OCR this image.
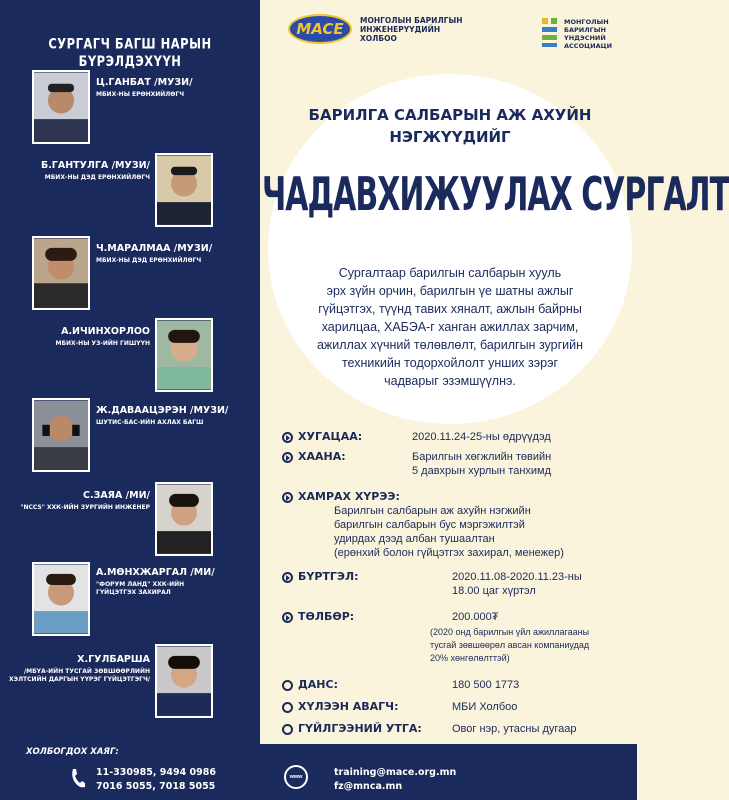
СУРГАГЧ БАГШ НАРЫН БҮРЭЛДЭХҮҮН
Ц.ГАНБАТ /МУЗИ/
МБИХ-НЫ ЕРӨНХИЙЛӨГЧ
Б.ГАНТУЛГА /МУЗИ/
МБИХ-НЫ ДЭД ЕРӨНХИЙЛӨГЧ
Ч.МАРАЛМАА /МУЗИ/
МБИХ-НЫ ДЭД ЕРӨНХИЙЛӨГЧ
А.ИЧИНХОРЛОО
МБИХ-НЫ УЗ-ИЙН ГИШҮҮН
Ж.ДАВААЦЭРЭН /МУЗИ/
ШУТИС-БАС-ИЙН АХЛАХ БАГШ
С.ЗАЯА /МИ/
"NCCS" ХХК-ИЙН ЗУРГИЙН ИНЖЕНЕР
А.МӨНХЖАРГАЛ /МИ/
"ФОРУМ ЛАНД" ХХК-ИЙН
ГҮЙЦЭТГЭХ ЗАХИРАЛ
Х.ГУЛБАРША
/МБҮА-ИЙН ТУСГАЙ ЗӨВШӨӨРЛИЙН
ХЭЛТСИЙН ДАРГЫН ҮҮРЭГ ГҮЙЦЭТГЭГЧ/
MACE	МОНГОЛЫН БАРИЛГЫН
ИНЖЕНЕРҮҮДИЙН
ХОЛБОО
МОНГОЛЫН
БАРИЛГЫН
ҮНДЭСНИЙ
АССОЦИАЦИ
БАРИЛГА САЛБАРЫН АЖ АХУЙН
НЭГЖҮҮДИЙГ
ЧАДАВХИЖУУЛАХ СУРГАЛТ
Сургалтаар барилгын салбарын хууль
эрх зүйн орчин, барилгын үе шатны ажлыг
гүйцэтгэх, түүнд тавих хяналт, ажлын байрны
харилцаа, ХАБЭА-г ханган ажиллах зарчим,
ажиллах хүчний төлөвлөлт, барилгын зургийн
техникийн тодорхойлолт унших зэрэг
чадварыг эзэмшүүлнэ.
ХУГАЦАА:	2020.11.24-25-ны өдрүүдэд
ХААНА:	Барилгын хөгжлийн төвийн
5 давхрын хурлын танхимд
ХАМРАХ ХҮРЭЭ:
Барилгын салбарын аж ахуйн нэгжийн
барилгын салбарын бус мэргэжилтэй
удирдах дээд албан тушаалтан
(ерөнхий болон гүйцэтгэх захирал, менежер)
БҮРТГЭЛ:	2020.11.08-2020.11.23-ны
18.00 цаг хүртэл
ТӨЛБӨР:	200.000₮
(2020 онд барилгын үйл ажиллагааны
тусгай зөвшөөрөл авсан компаниудад
20% хөнгөлөлттэй)
ДАНС:	180 500 1773
ХҮЛЭЭН АВАГЧ:	МБИ Холбоо
ГҮЙЛГЭЭНИЙ УТГА:	Овог нэр, утасны дугаар
ХОЛБОГДОХ ХАЯГ:
11-330985, 9494 0986
7016 5055, 7018 5055
www	training@mace.org.mn
fz@mnca.mn
